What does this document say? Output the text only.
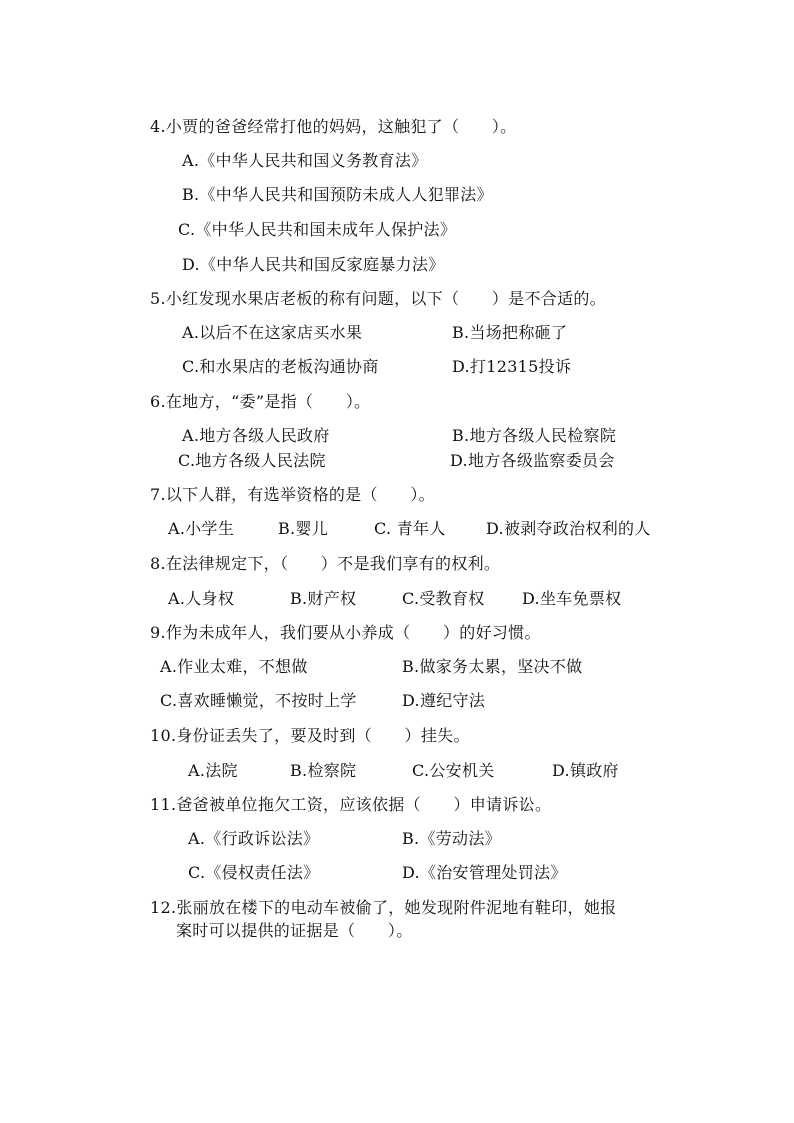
4.小贾的爸爸经常打他的妈妈，这触犯了（　　）。
A.《中华人民共和国义务教育法》
B.《中华人民共和国预防未成人人犯罪法》
C.《中华人民共和国未成年人保护法》
D.《中华人民共和国反家庭暴力法》
5.小红发现水果店老板的称有问题，以下（　　）是不合适的。
A.以后不在这家店买水果	B.当场把称砸了
C.和水果店的老板沟通协商	D.打12315投诉
6.在地方，“委”是指（　　）。
A.地方各级人民政府	B.地方各级人民检察院
C.地方各级人民法院	D.地方各级监察委员会
7.以下人群，有选举资格的是（　　）。
A.小学生	B.婴儿	C. 青年人	D.被剥夺政治权利的人
8.在法律规定下，（　　）不是我们享有的权利。
A.人身权	B.财产权	C.受教育权 D.坐车免票权
9.作为未成年人，我们要从小养成（　　）的好习惯。
A.作业太难，不想做	B.做家务太累，坚决不做
C.喜欢睡懒觉，不按时上学	D.遵纪守法
10.身份证丢失了，要及时到（　　）挂失。
A.法院	B.检察院	C.公安机关	D.镇政府
11.爸爸被单位拖欠工资，应该依据（　　）申请诉讼。
A.《行政诉讼法》	B.《劳动法》
C.《侵权责任法》	D.《治安管理处罚法》
12.张丽放在楼下的电动车被偷了，她发现附件泥地有鞋印，她报
案时可以提供的证据是（　　）。
